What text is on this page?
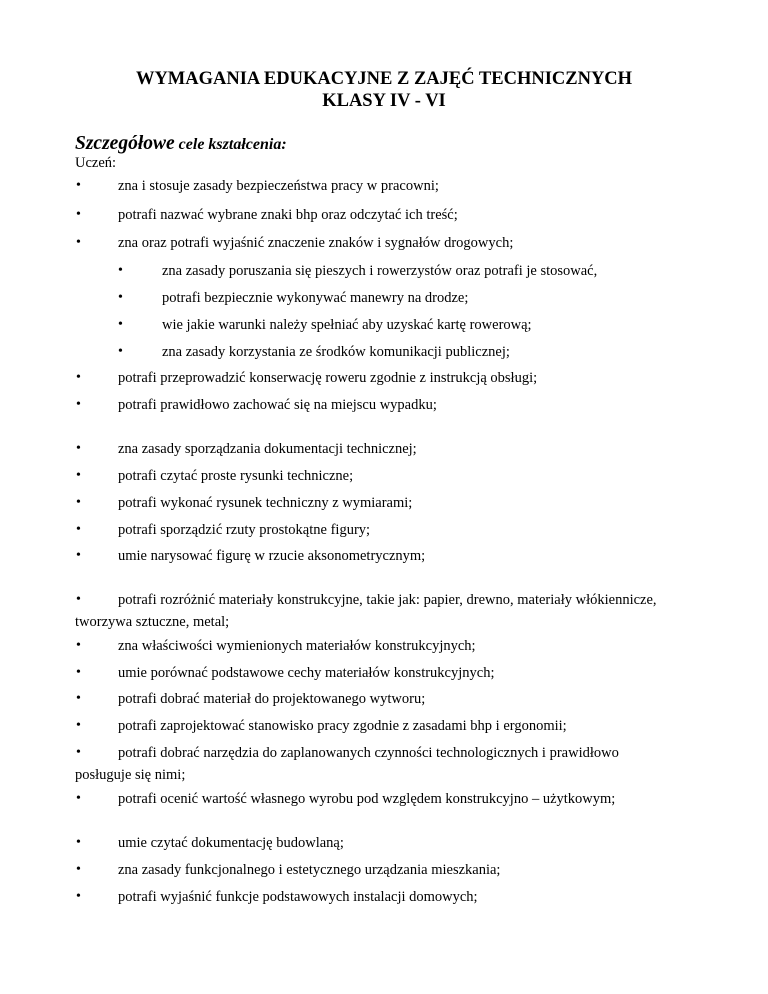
WYMAGANIA EDUKACYJNE Z ZAJĘĆ TECHNICZNYCH
KLASY IV - VI
Szczegółowe cele kształcenia:
Uczeń:
•	zna i stosuje zasady bezpieczeństwa pracy w pracowni;
•	potrafi nazwać wybrane znaki bhp oraz odczytać ich treść;
•	zna oraz potrafi wyjaśnić znaczenie znaków i sygnałów drogowych;
•	zna zasady poruszania się pieszych i rowerzystów oraz potrafi je stosować,
•	potrafi bezpiecznie wykonywać manewry na drodze;
•	wie jakie warunki należy spełniać aby uzyskać kartę rowerową;
•	zna zasady korzystania ze środków komunikacji publicznej;
•	potrafi przeprowadzić konserwację roweru zgodnie z instrukcją obsługi;
•	potrafi prawidłowo zachować się na miejscu wypadku;
•	zna zasady sporządzania dokumentacji technicznej;
•	potrafi czytać proste rysunki techniczne;
•	potrafi wykonać rysunek techniczny z wymiarami;
•	potrafi sporządzić rzuty prostokątne figury;
•	umie narysować figurę w rzucie aksonometrycznym;
•	potrafi rozróżnić materiały konstrukcyjne, takie jak: papier, drewno, materiały włókiennicze,
tworzywa sztuczne, metal;
•	zna właściwości wymienionych materiałów konstrukcyjnych;
•	umie porównać podstawowe cechy materiałów konstrukcyjnych;
•	potrafi dobrać materiał do projektowanego wytworu;
•	potrafi zaprojektować stanowisko pracy zgodnie z zasadami bhp i ergonomii;
•	potrafi dobrać narzędzia do zaplanowanych czynności technologicznych i prawidłowo
posługuje się nimi;
•	potrafi ocenić wartość własnego wyrobu pod względem konstrukcyjno – użytkowym;
•	umie czytać dokumentację budowlaną;
•	zna zasady funkcjonalnego i estetycznego urządzania mieszkania;
•	potrafi wyjaśnić funkcje podstawowych instalacji domowych;
